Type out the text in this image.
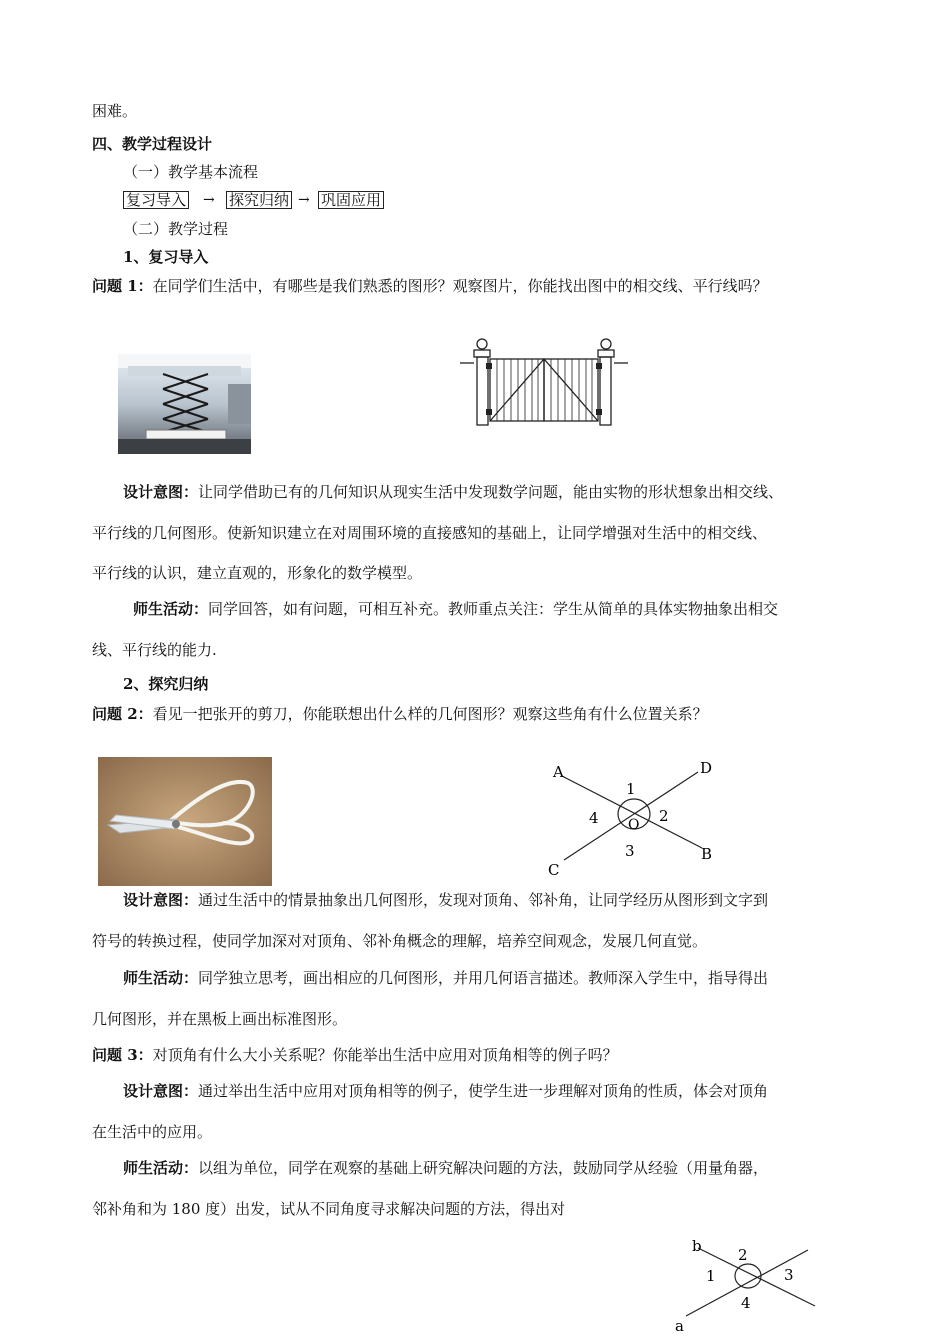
困难。
四、教学过程设计
（一）教学基本流程
复习导入 → 探究归纳 → 巩固应用
（二）教学过程
1、复习导入
问题 1：在同学们生活中，有哪些是我们熟悉的图形？观察图片，你能找出图中的相交线、平行线吗？
设计意图：让同学借助已有的几何知识从现实生活中发现数学问题，能由实物的形状想象出相交线、
平行线的几何图形。使新知识建立在对周围环境的直接感知的基础上，让同学增强对生活中的相交线、
平行线的认识，建立直观的，形象化的数学模型。
师生活动：同学回答，如有问题，可相互补充。教师重点关注：学生从简单的具体实物抽象出相交
线、平行线的能力.
2、探究归纳
问题 2：看见一把张开的剪刀，你能联想出什么样的几何图形？观察这些角有什么位置关系？
A	D
C
B
1
2
3
4 O
设计意图：通过生活中的情景抽象出几何图形，发现对顶角、邻补角，让同学经历从图形到文字到
符号的转换过程，使同学加深对对顶角、邻补角概念的理解，培养空间观念，发展几何直觉。
师生活动：同学独立思考，画出相应的几何图形，并用几何语言描述。教师深入学生中，指导得出
几何图形，并在黑板上画出标准图形。
问题 3：对顶角有什么大小关系呢？你能举出生活中应用对顶角相等的例子吗？
设计意图：通过举出生活中应用对顶角相等的例子，使学生进一步理解对顶角的性质，体会对顶角
在生活中的应用。
师生活动：以组为单位，同学在观察的基础上研究解决问题的方法，鼓励同学从经验（用量角器，
邻补角和为 180 度）出发，试从不同角度寻求解决问题的方法，得出对
b
a
1
2
3
4
